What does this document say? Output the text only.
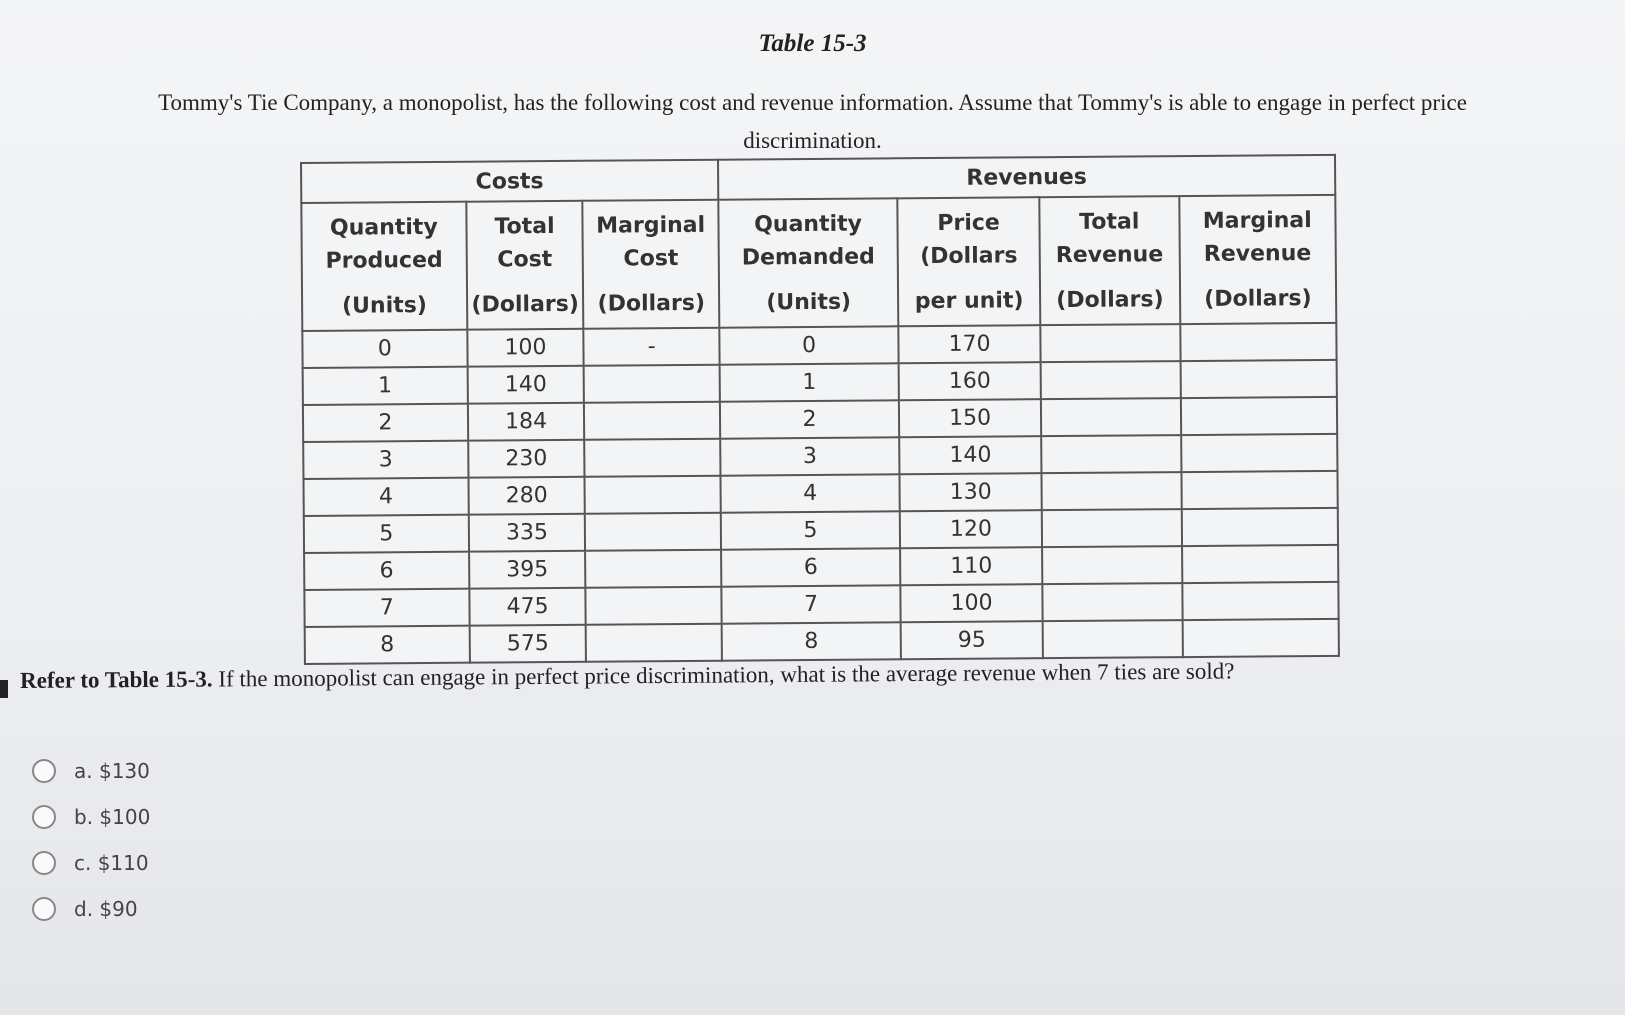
Table 15-3
Tommy's Tie Company, a monopolist, has the following cost and revenue information. Assume that Tommy's is able to engage in perfect price
discrimination.
Costs			Revenues			
Quantity
Produced
(Units)	Total
Cost
(Dollars)	Marginal
Cost
(Dollars)	Quantity
Demanded
(Units)	Price
(Dollars
per unit)	Total
Revenue
(Dollars)	Marginal
Revenue
(Dollars)

0	100	-	0	170		
1	140		1	160		
2	184		2	150		
3	230		3	140		
4	280		4	130		
5	335		5	120		
6	395		6	110		
7	475		7	100		
8	575		8	95		
Refer to Table 15-3. If the monopolist can engage in perfect price discrimination, what is the average revenue when 7 ties are sold?
a. $130
b. $100
c. $110
d. $90
